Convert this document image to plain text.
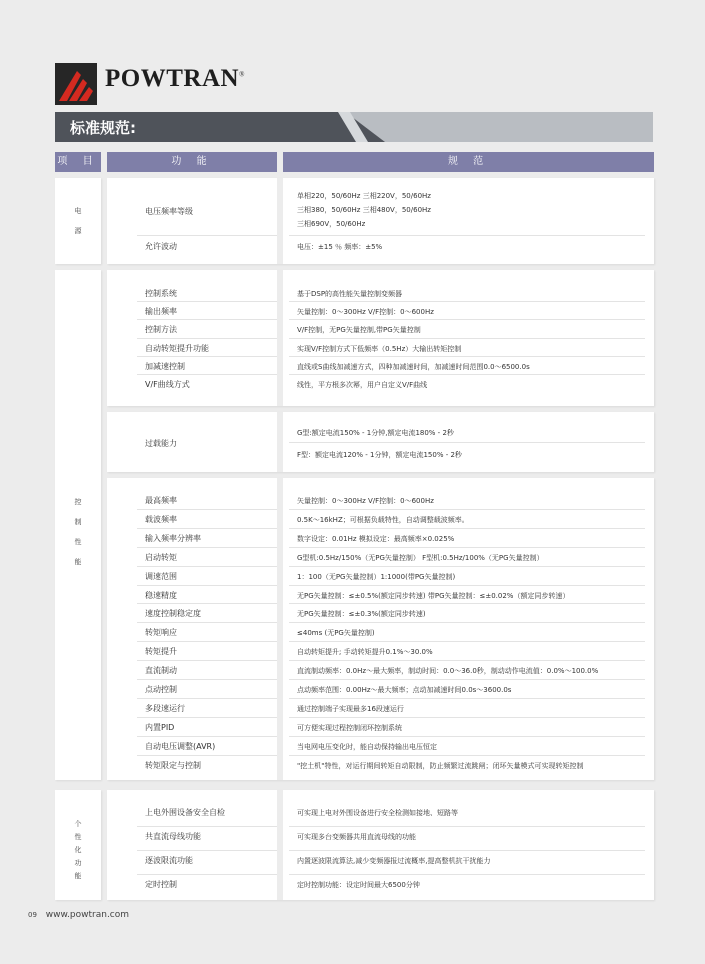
POWTRAN®
标准规范:
项 目	功 能	规 范
电源
电压频率等级
单相220，50/60Hz 三相220V，50/60Hz
三相380，50/60Hz 三相480V，50/60Hz
三相690V，50/60Hz
允许波动	电压：±15 ％ 频率：±5%
控制性能
控制系统	基于DSP的高性能矢量控制变频器
输出频率	矢量控制：0～300Hz V/F控制：0～600Hz
控制方法	V/F控制，无PG矢量控制,带PG矢量控制
自动转矩提升功能	实现V/F控制方式下低频率（0.5Hz）大输出转矩控制
加减速控制	直线或S曲线加减速方式，四种加减速时间，加减速时间范围0.0～6500.0s
V/F曲线方式	线性，平方根多次幂，用户自定义V/F曲线
过载能力
G型:额定电流150% - 1分钟,额定电流180% - 2秒
F型：额定电流120% - 1分钟，额定电流150% - 2秒
最高频率	矢量控制：0～300Hz V/F控制：0～600Hz
载波频率	0.5K～16kHZ；可根据负载特性，自动调整载波频率。
输入频率分辨率	数字设定：0.01Hz 模拟设定：最高频率×0.025%
启动转矩	G型机:0.5Hz/150%（无PG矢量控制） F型机:0.5Hz/100%（无PG矢量控制）
调速范围	1：100（无PG矢量控制）1:1000(带PG矢量控制)
稳速精度	无PG矢量控制：≤±0.5%(额定同步转速) 带PG矢量控制：≤±0.02%（额定同步转速）
速度控制稳定度	无PG矢量控制：≤±0.3%(额定同步转速)
转矩响应	≤40ms (无PG矢量控制)
转矩提升	自动转矩提升; 手动转矩提升0.1%～30.0%
直流制动	直流制动频率：0.0Hz～最大频率，制动时间：0.0～36.0秒，制动动作电流值：0.0%～100.0%
点动控制	点动频率范围：0.00Hz～最大频率；点动加减速时间0.0s～3600.0s
多段速运行	通过控制端子实现最多16段速运行
内置PID	可方便实现过程控制闭环控制系统
自动电压调整(AVR)	当电网电压变化时，能自动保持输出电压恒定
转矩限定与控制	"挖土机"特性，对运行期间转矩自动限制，防止频繁过流跳闸；闭环矢量模式可实现转矩控制
个性化功能
上电外围设备安全自检	可实现上电对外围设备进行安全检测如接地、短路等
共直流母线功能	可实现多台变频器共用直流母线的功能
逐波限流功能	内置逐波限流算法,减少变频器报过流概率,提高整机抗干扰能力
定时控制	定时控制功能：设定时间最大6500分钟
09 www.powtran.com
